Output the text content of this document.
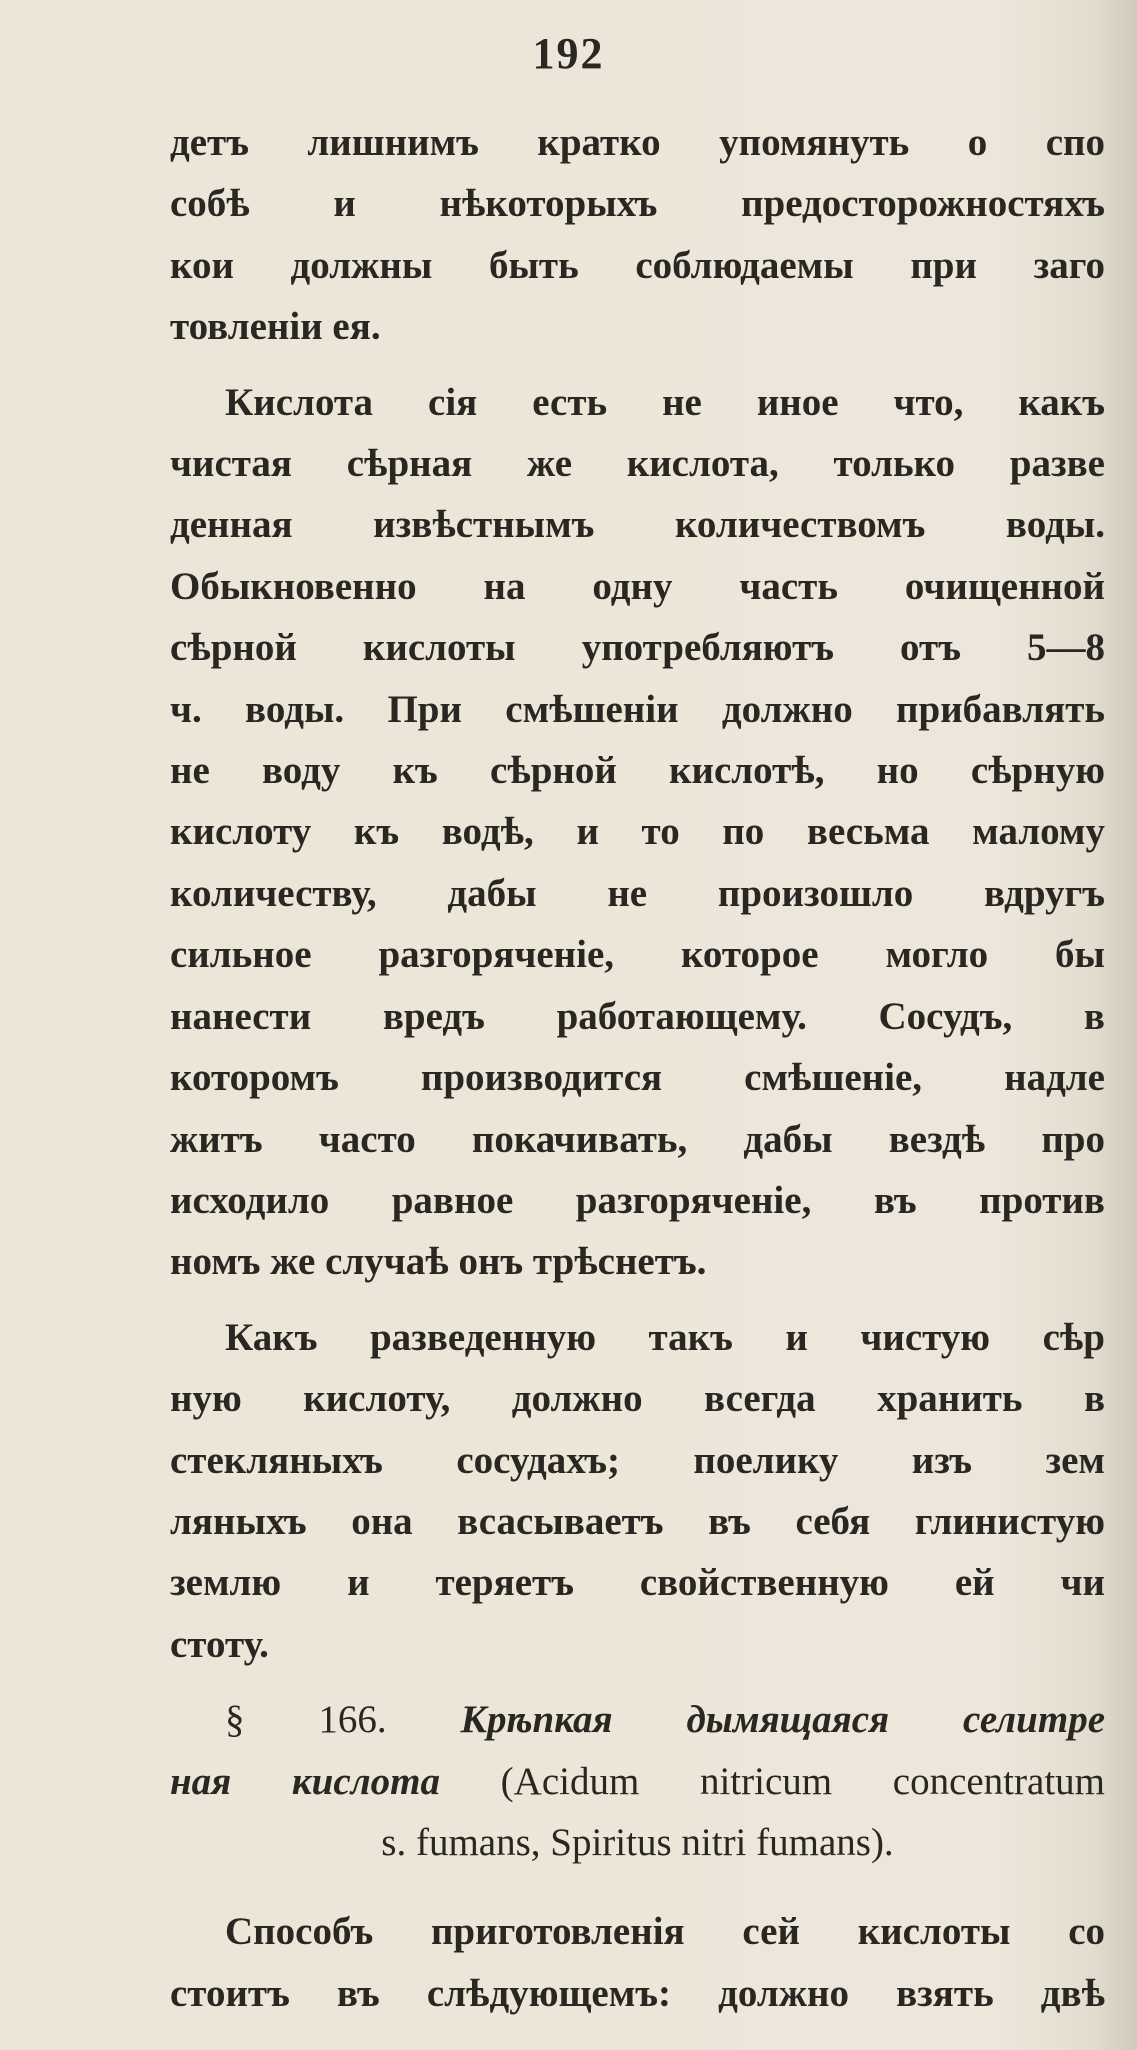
192
детъ лишнимъ кратко упомянуть о спо
собѣ и нѣкоторыхъ предосторожностяхъ
кои должны быть соблюдаемы при заго
товленіи ея.
Кислота сія есть не иное что, какъ
чистая сѣрная же кислота, только разве
денная извѣстнымъ количествомъ воды.
Обыкновенно на одну часть очищенной
сѣрной кислоты употребляютъ отъ 5—8
ч. воды. При смѣшеніи должно прибавлять
не воду къ сѣрной кислотѣ, но сѣрную
кислоту къ водѣ, и то по весьма малому
количеству, дабы не произошло вдругъ
сильное разгоряченіе, которое могло бы
нанести вредъ работающему. Сосудъ, в
которомъ производится смѣшеніе, надле
житъ часто покачивать, дабы вездѣ про
исходило равное разгоряченіе, въ против
номъ же случаѣ онъ трѣснетъ.
Какъ разведенную такъ и чистую сѣр
ную кислоту, должно всегда хранить в
стекляныхъ сосудахъ; поелику изъ зем
ляныхъ она всасываетъ въ себя глинистую
землю и теряетъ свойственную ей чи
стоту.
§ 166. Крѣпкая дымящаяся селитре
ная кислота (Acidum nitricum concentratum
s. fumans, Spiritus nitri fumans).
Способъ приготовленія сей кислоты со
стоитъ въ слѣдующемъ: должно взять двѣ
